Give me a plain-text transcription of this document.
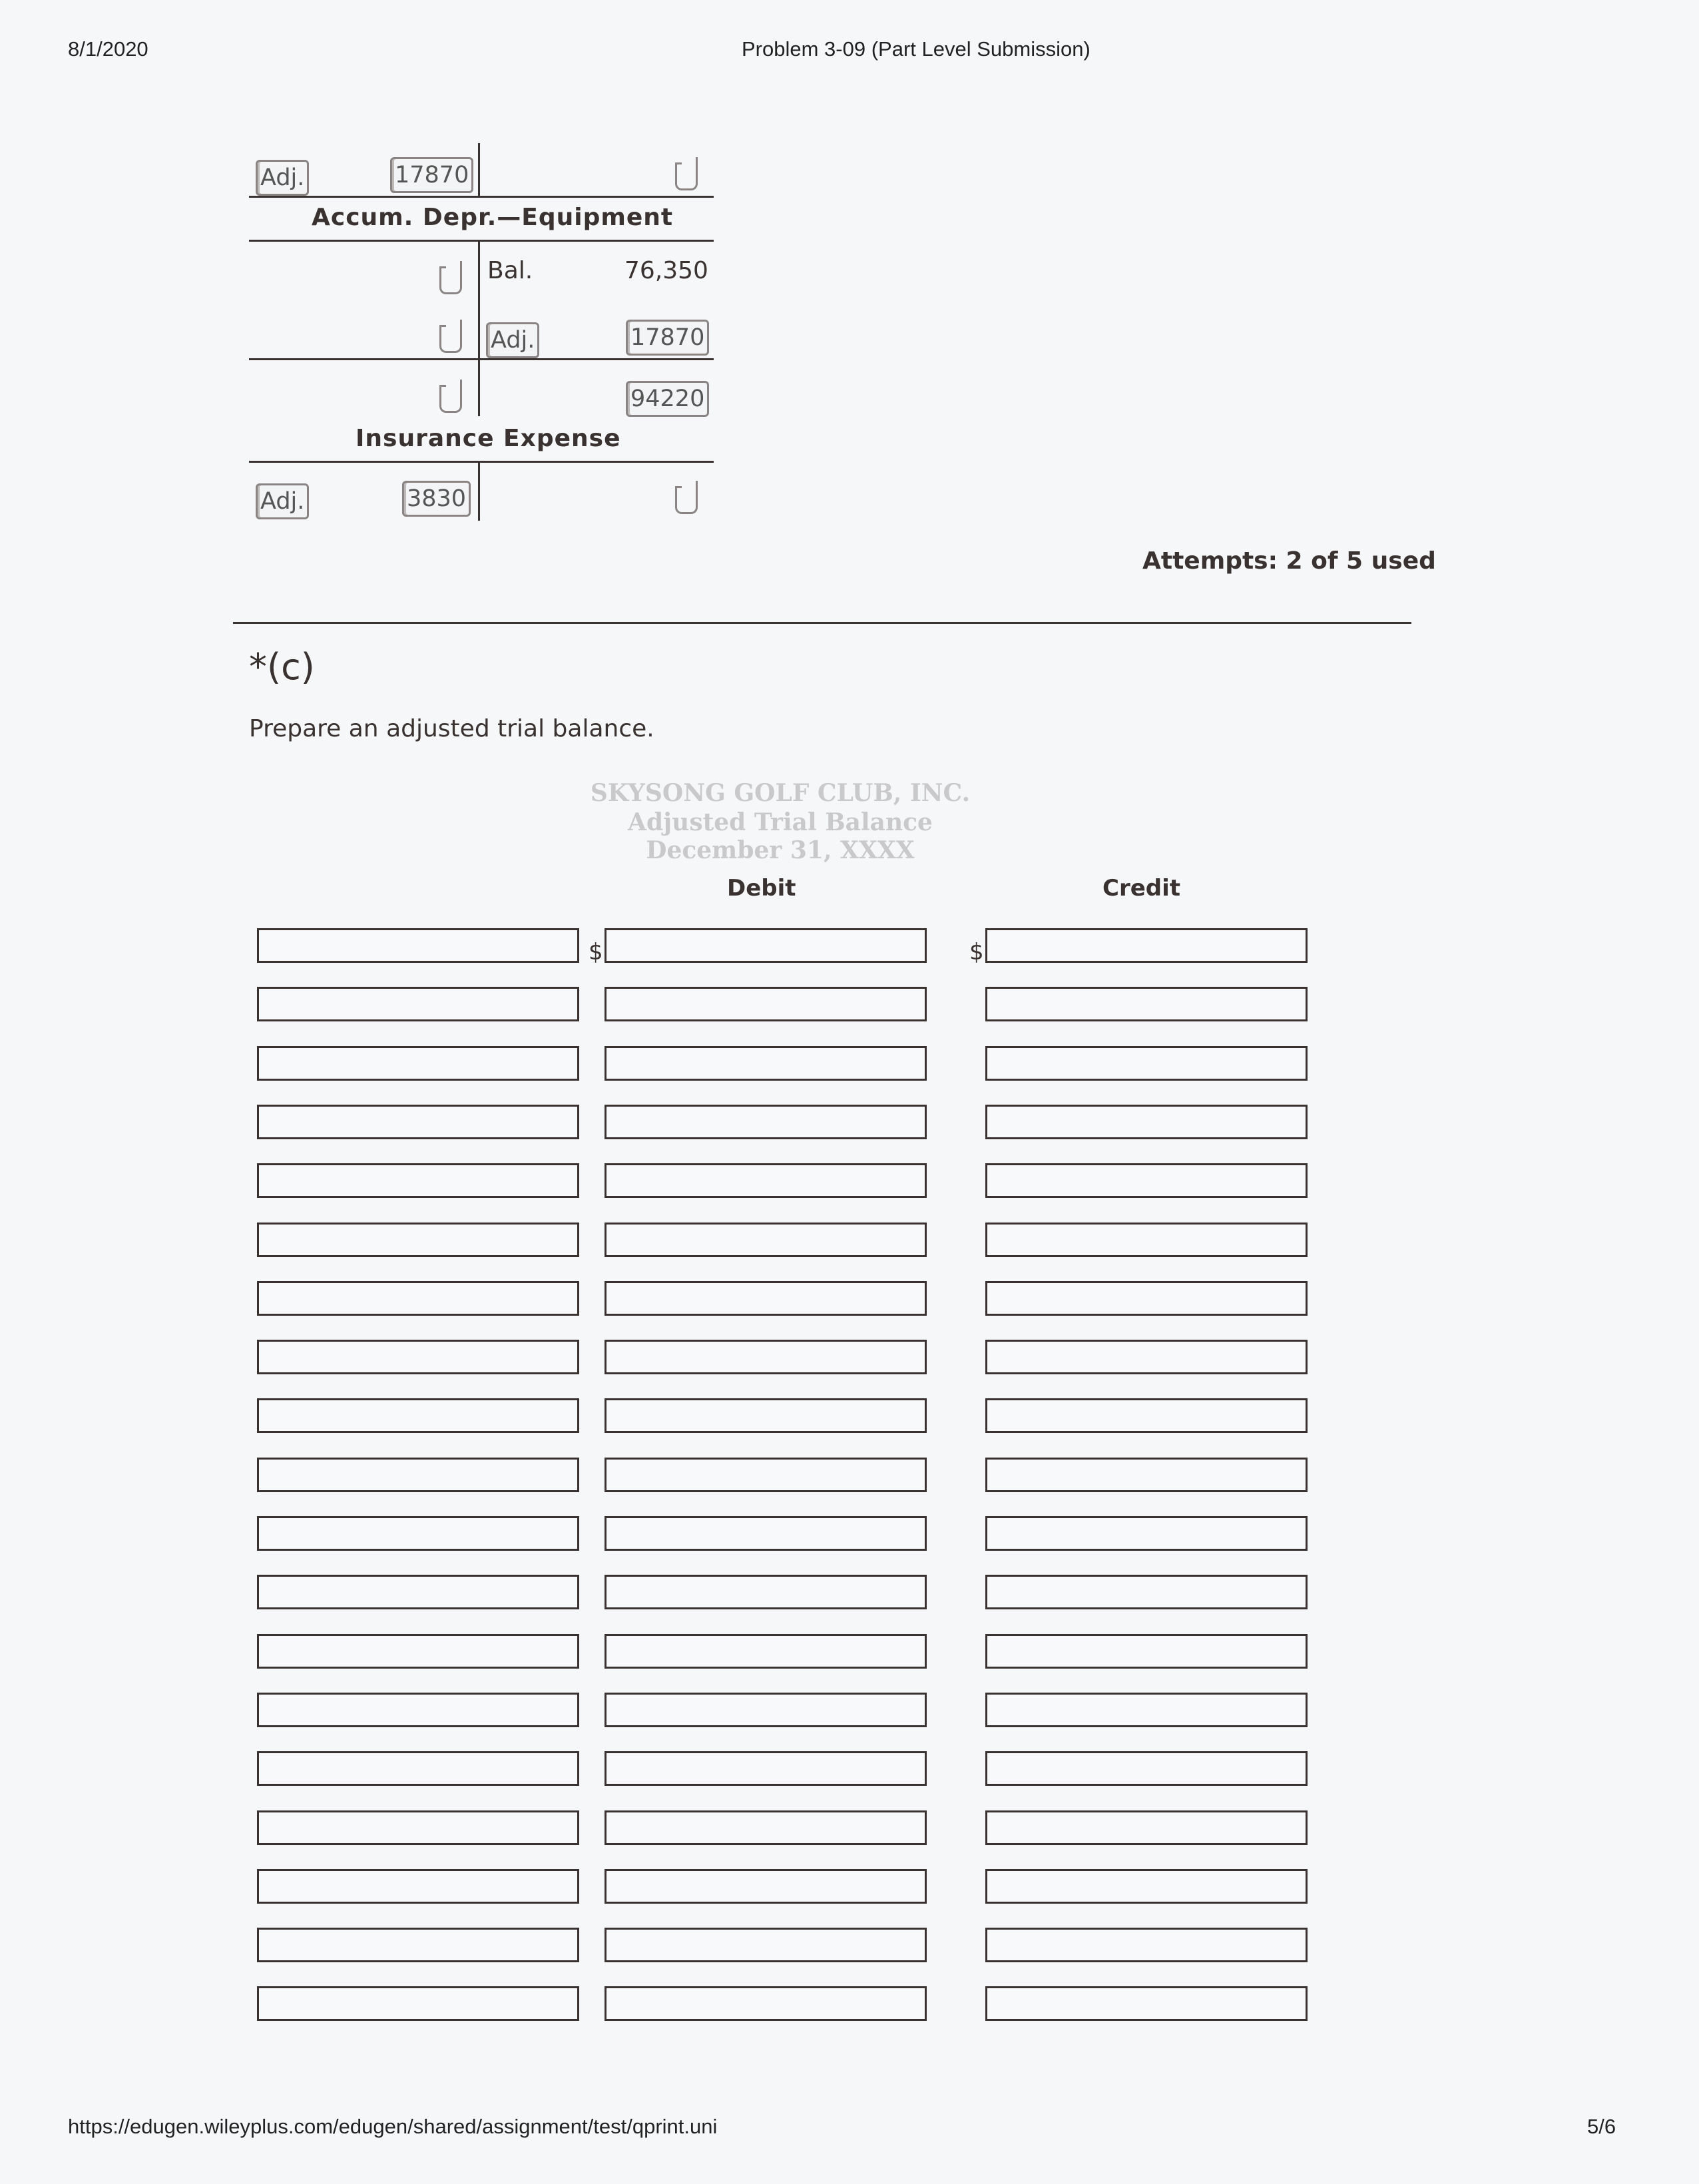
8/1/2020	Problem 3-09 (Part Level Submission)
Adj.	17870
Accum. Depr.—Equipment
Bal.	76,350
Adj.	17870
94220
Insurance Expense
Adj.	3830
Attempts: 2 of 5 used
*(c)
Prepare an adjusted trial balance.
SKYSONG GOLF CLUB, INC.
Adjusted Trial Balance
December 31, XXXX
Debit	Credit
$	$
https://edugen.wileyplus.com/edugen/shared/assignment/test/qprint.uni	5/6
